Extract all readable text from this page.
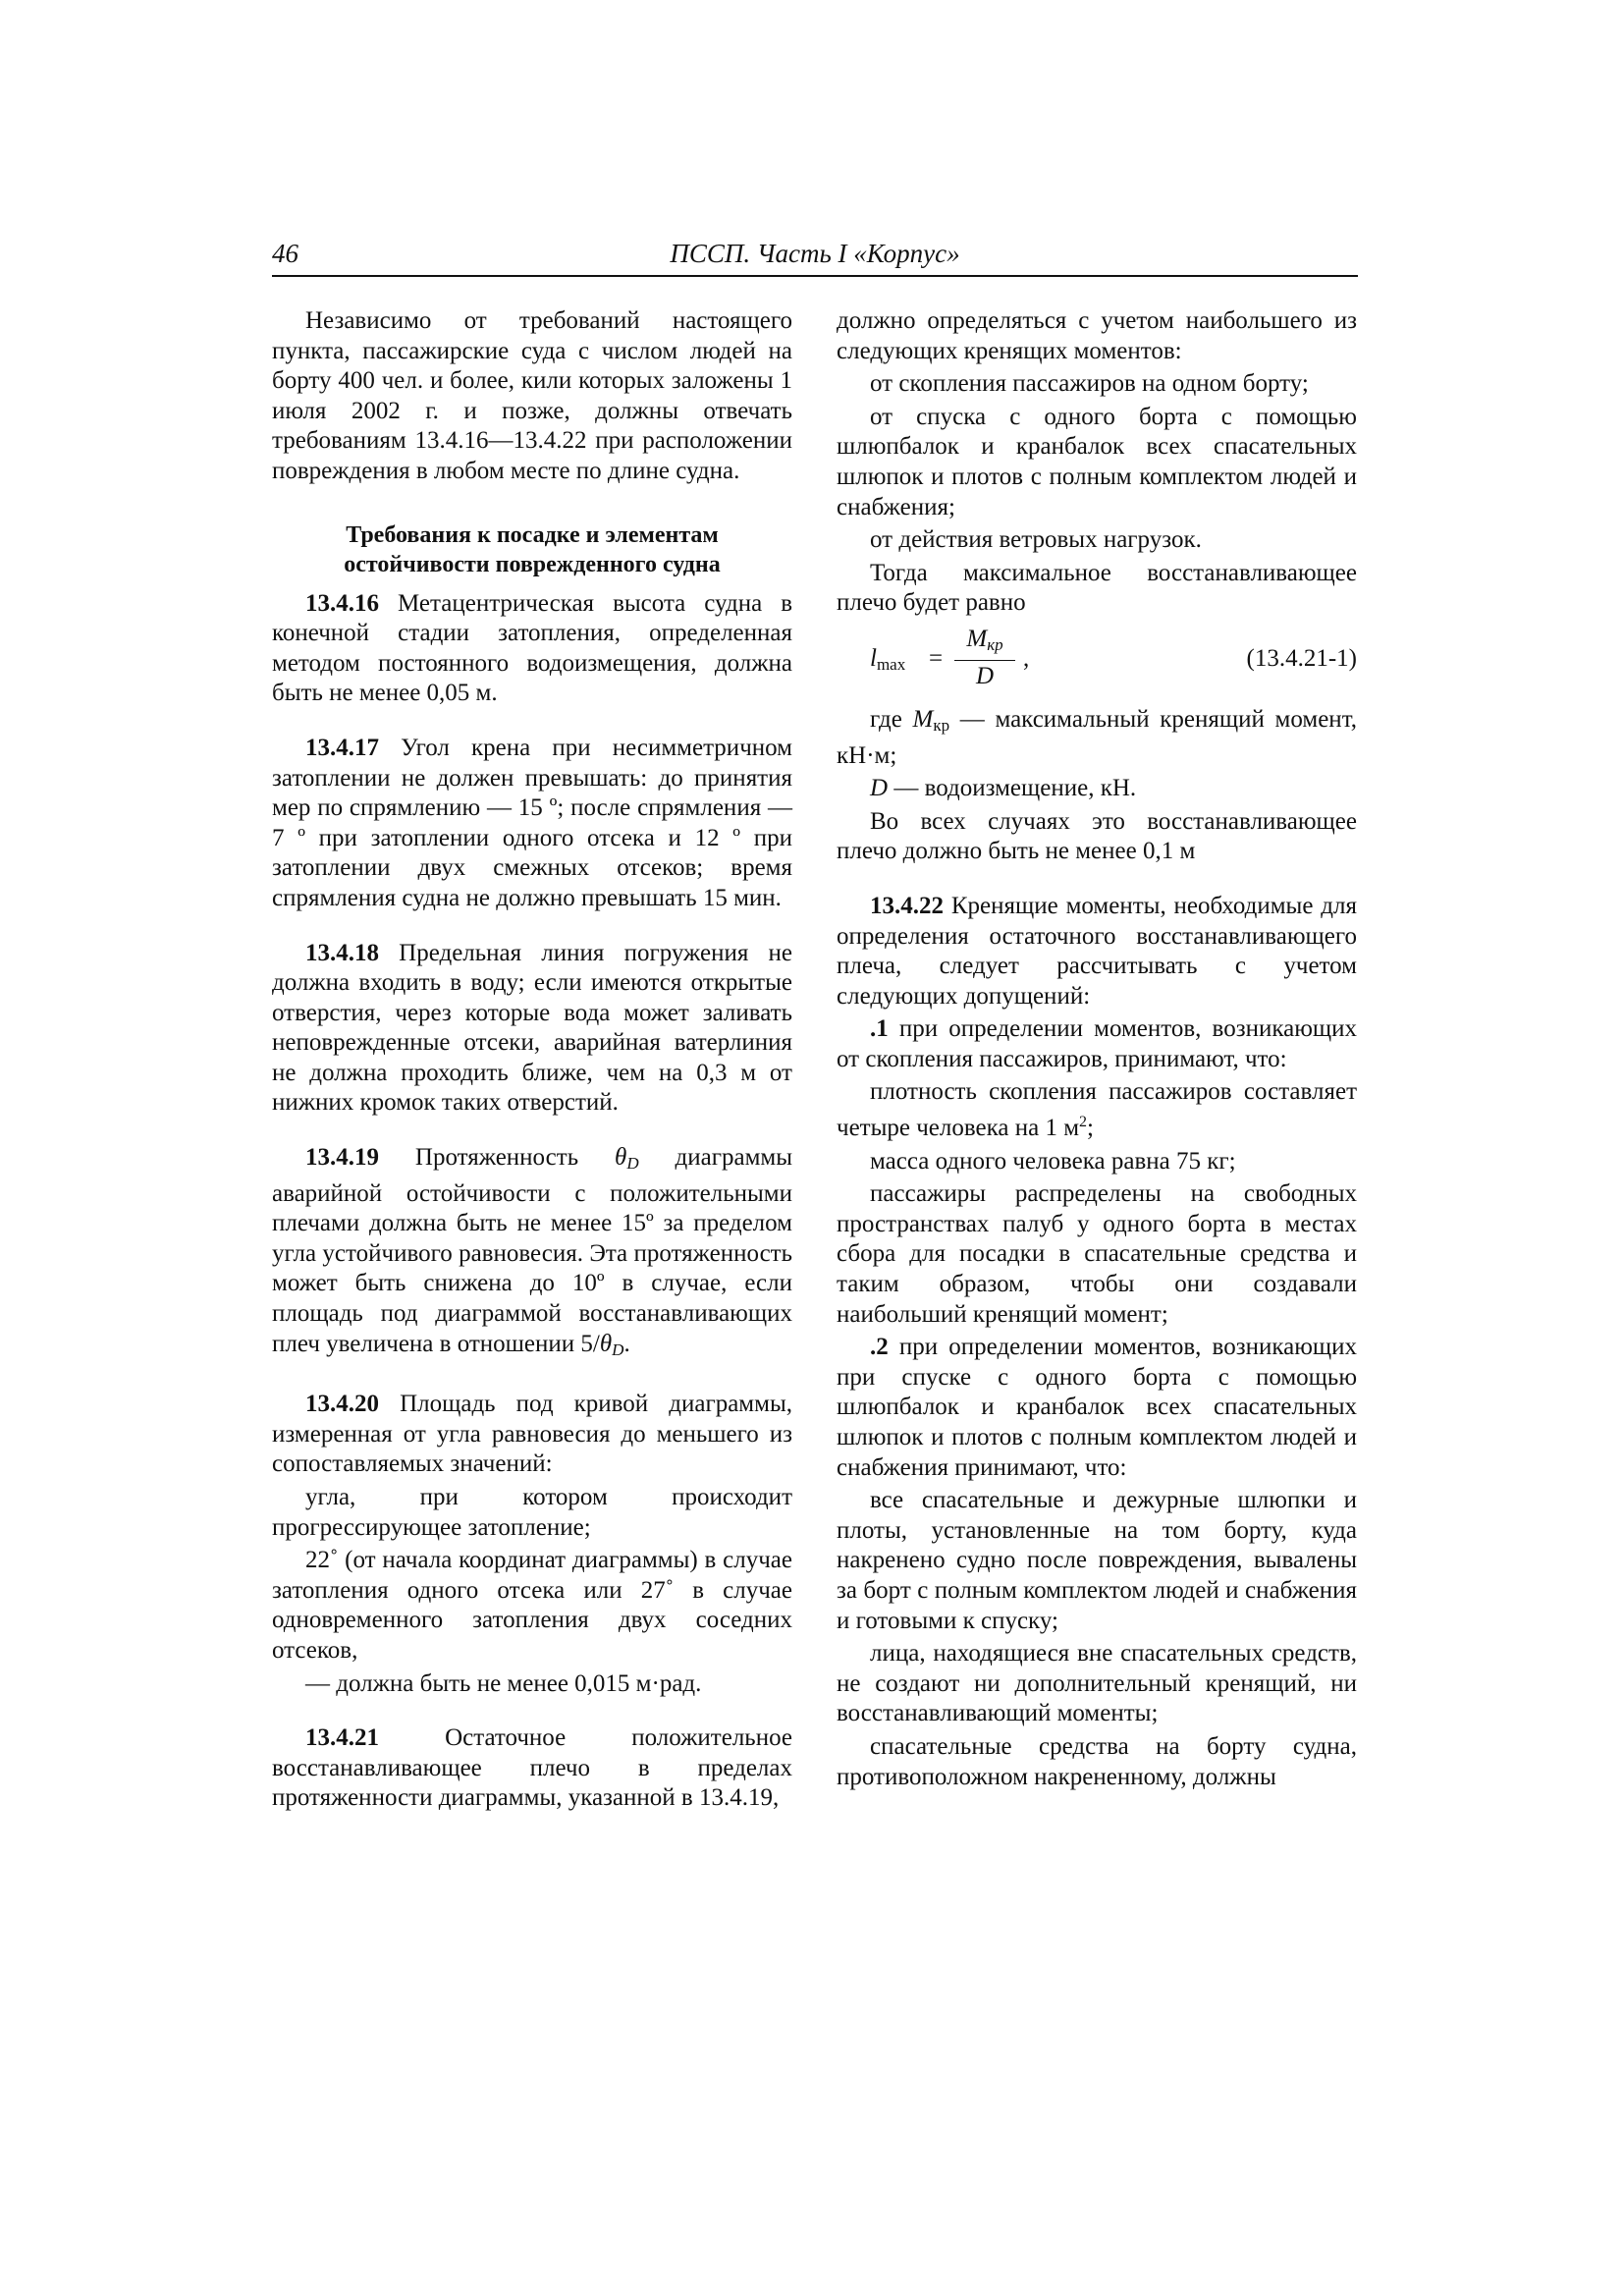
46	ПССП. Часть I «Корпус»

Независимо от требований настоящего пункта, пассажирские суда с числом людей на борту 400 чел. и более, кили которых заложены 1 июля 2002 г. и позже, должны отвечать требованиям 13.4.16—13.4.22 при расположении повреждения в любом месте по длине судна.

Требования к посадке и элементам
остойчивости поврежденного судна

13.4.16 Метацентрическая высота судна в конечной стадии затопления, определенная методом постоянного водоизмещения, должна быть не менее 0,05 м.

13.4.17 Угол крена при несимметричном затоплении не должен превышать: до принятия мер по спрямлению — 15 º; после спрямления — 7 º при затоплении одного отсека и 12 º при затоплении двух смежных отсеков; время спрямления судна не должно превышать 15 мин.

13.4.18 Предельная линия погружения не должна входить в воду; если имеются открытые отверстия, через которые вода может заливать неповрежденные отсеки, аварийная ватерлиния не должна проходить ближе, чем на 0,3 м от нижних кромок таких отверстий.

13.4.19 Протяженность $\theta_D$ диаграммы аварийной остойчивости с положительными плечами должна быть не менее 15º за пределом угла устойчивого равновесия. Эта протяженность может быть снижена до 10º в случае, если площадь под диаграммой восстанавливающих плеч увеличена в отношении $5/\theta_D$.

13.4.20 Площадь под кривой диаграммы, измеренная от угла равновесия до меньшего из сопоставляемых значений:

угла, при котором происходит прогрессирующее затопление;

22˚ (от начала координат диаграммы) в случае затопления одного отсека или 27˚ в случае одновременного затопления двух соседних отсеков,

— должна быть не менее 0,015 м·рад.

13.4.21 Остаточное положительное восстанавливающее плечо в пределах протяженности диаграммы, указанной в 13.4.19,

должно определяться с учетом наибольшего из следующих кренящих моментов:

от скопления пассажиров на одном борту;

от спуска с одного борта с помощью шлюпбалок и кранбалок всех спасательных шлюпок и плотов с полным комплектом людей и снабжения;

от действия ветровых нагрузок.

Тогда максимальное восстанавливающее плечо будет равно

$l_{max}$ =
$M_{кр}$
D
,	(13.4.21-1)

где $M_{кр}$ — максимальный кренящий момент, кН·м;

D — водоизмещение, кН.

Во всех случаях это восстанавливающее плечо должно быть не менее 0,1 м

13.4.22 Кренящие моменты, необходимые для определения остаточного восстанавливающего плеча, следует рассчитывать с учетом следующих допущений:

.1 при определении моментов, возникающих от скопления пассажиров, принимают, что:

плотность скопления пассажиров составляет четыре человека на 1 $м^2$;

масса одного человека равна 75 кг;

пассажиры распределены на свободных пространствах палуб у одного борта в местах сбора для посадки в спасательные средства и таким образом, чтобы они создавали наибольший кренящий момент;

.2 при определении моментов, возникающих при спуске с одного борта с помощью шлюпбалок и кранбалок всех спасательных шлюпок и плотов с полным комплектом людей и снабжения принимают, что:

все спасательные и дежурные шлюпки и плоты, установленные на том борту, куда накренено судно после повреждения, вывалены за борт с полным комплектом людей и снабжения и готовыми к спуску;

лица, находящиеся вне спасательных средств, не создают ни дополнительный кренящий, ни восстанавливающий моменты;

спасательные средства на борту судна, противоположном накрененному, должны
